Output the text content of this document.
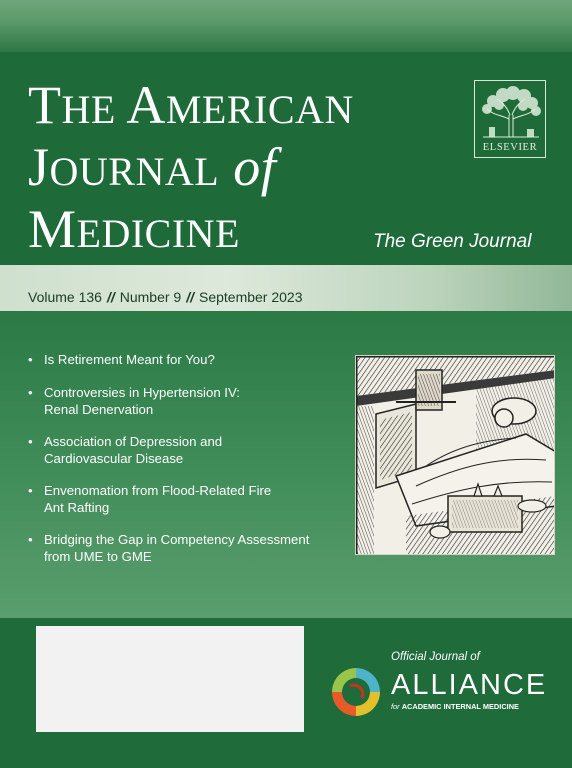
THE AMERICAN
JOURNAL of
MEDICINE	The Green Journal
ELSEVIER
Volume 136 // Number 9 // September 2023
• Is Retirement Meant for You?
• Controversies in Hypertension IV:
Renal Denervation
• Association of Depression and
Cardiovascular Disease
• Envenomation from Flood-Related Fire
Ant Rafting
• Bridging the Gap in Competency Assessment
from UME to GME
Official Journal of
ALLIANCE
for ACADEMIC INTERNAL MEDICINE
